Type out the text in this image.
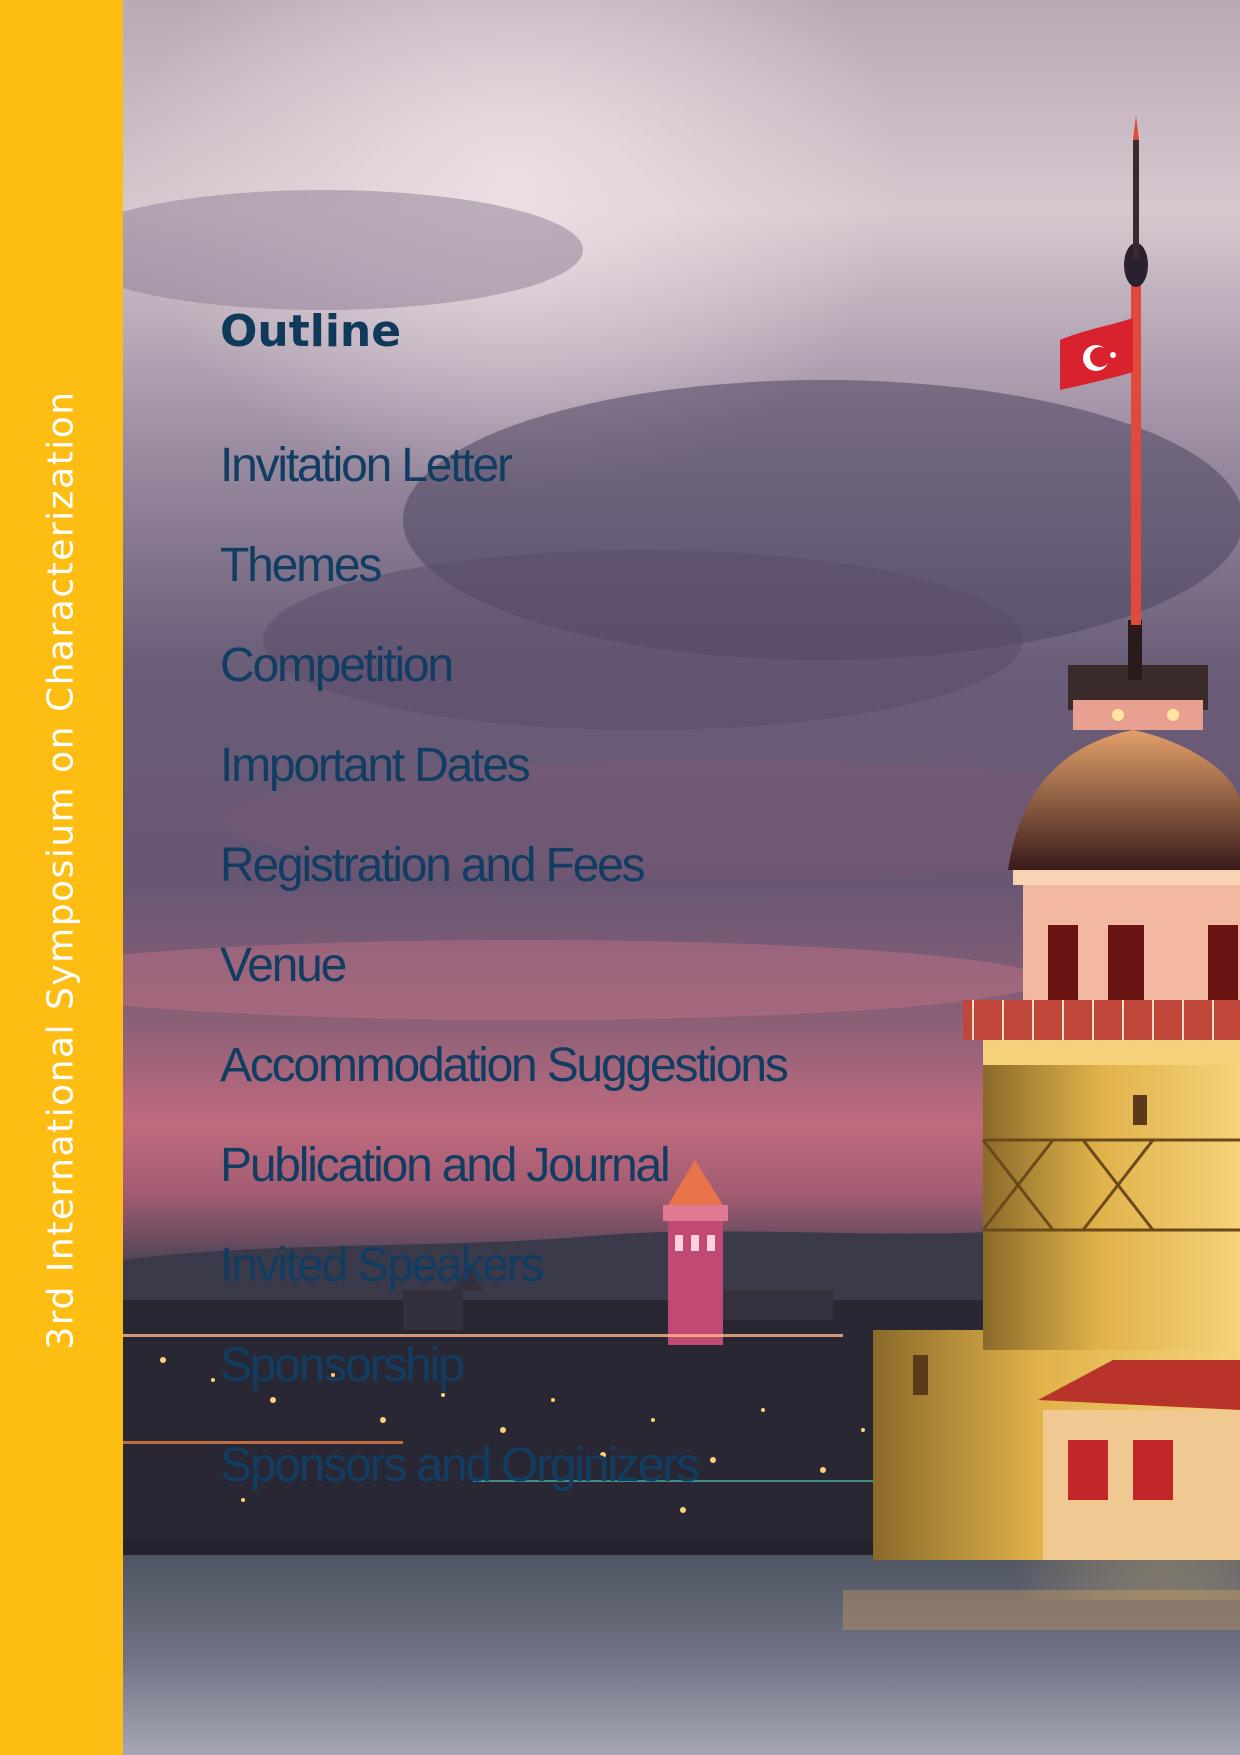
3rd International Symposium on Characterization
Outline
Invitation Letter
Themes
Competition
Important Dates
Registration and Fees
Venue
Accommodation Suggestions
Publication and Journal
Invited Speakers
Sponsorship
Sponsors and Orginizers
